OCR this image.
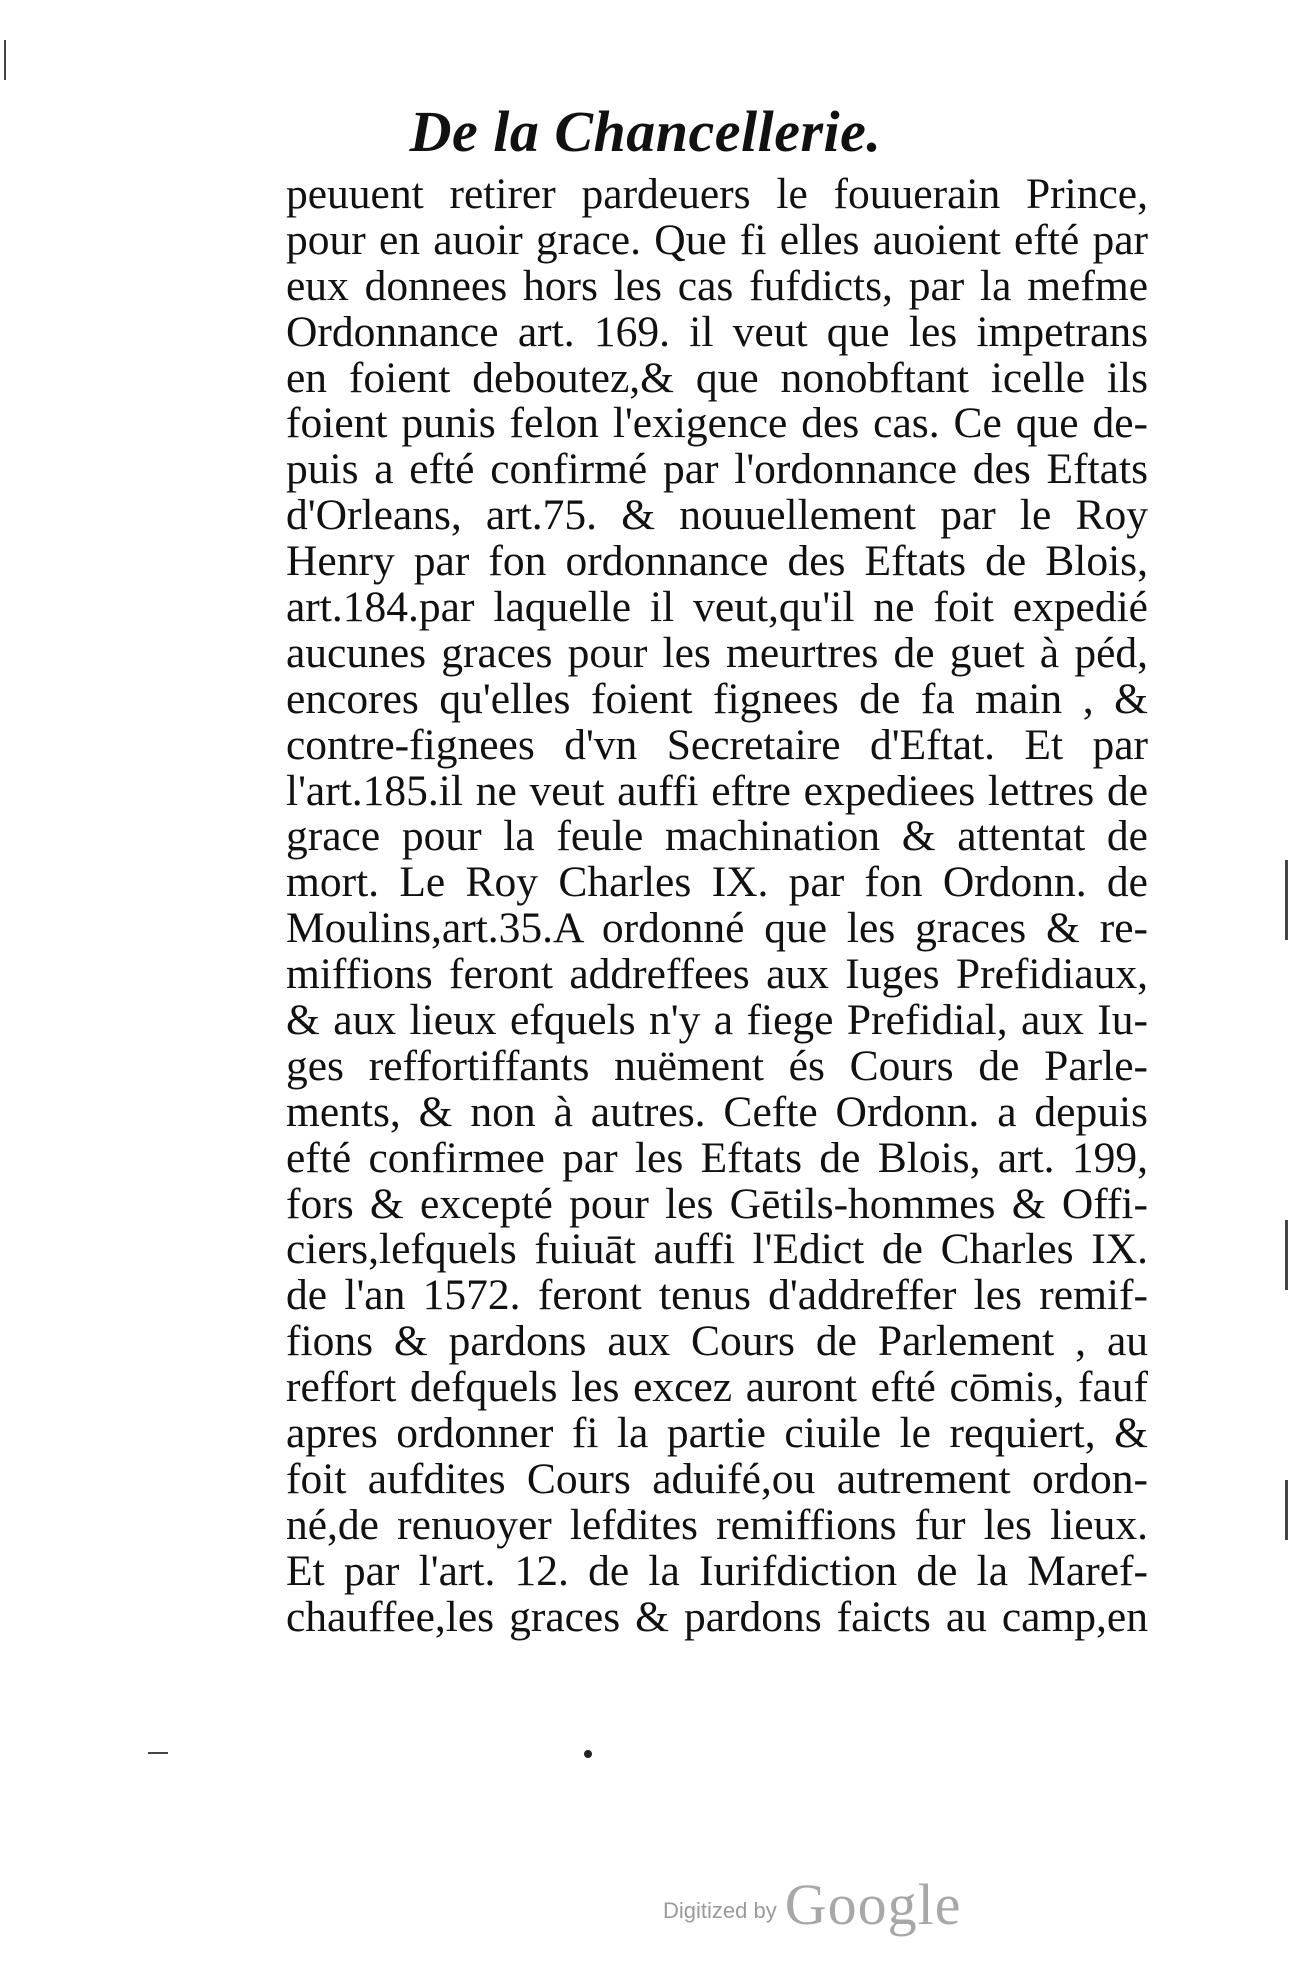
De la Chancellerie.
peuuent retirer pardeuers le fouuerain Prince,
pour en auoir grace. Que fi elles auoient efté par
eux donnees hors les cas fufdicts, par la mefme
Ordonnance art. 169. il veut que les impetrans
en foient deboutez,& que nonobftant icelle ils
foient punis felon l'exigence des cas. Ce que de-
puis a efté confirmé par l'ordonnance des Eftats
d'Orleans, art.75. & nouuellement par le Roy
Henry par fon ordonnance des Eftats de Blois,
art.184.par laquelle il veut,qu'il ne foit expedié
aucunes graces pour les meurtres de guet à péd,
encores qu'elles foient fignees de fa main , &
contre-fignees d'vn Secretaire d'Eftat. Et par
l'art.185.il ne veut auffi eftre expediees lettres de
grace pour la feule machination & attentat de
mort. Le Roy Charles IX. par fon Ordonn. de
Moulins,art.35.A ordonné que les graces & re-
miffions feront addreffees aux Iuges Prefidiaux,
& aux lieux efquels n'y a fiege Prefidial, aux Iu-
ges reffortiffants nuëment és Cours de Parle-
ments, & non à autres. Cefte Ordonn. a depuis
efté confirmee par les Eftats de Blois, art. 199,
fors & excepté pour les Gētils-hommes & Offi-
ciers,lefquels fuiuāt auffi l'Edict de Charles IX.
de l'an 1572. feront tenus d'addreffer les remif-
fions & pardons aux Cours de Parlement , au
reffort defquels les excez auront efté cōmis, fauf
apres ordonner fi la partie ciuile le requiert, &
foit aufdites Cours aduifé,ou autrement ordon-
né,de renuoyer lefdites remiffions fur les lieux.
Et par l'art. 12. de la Iurifdiction de la Maref-
chauffee,les graces & pardons faicts au camp,en
Digitized by Google
